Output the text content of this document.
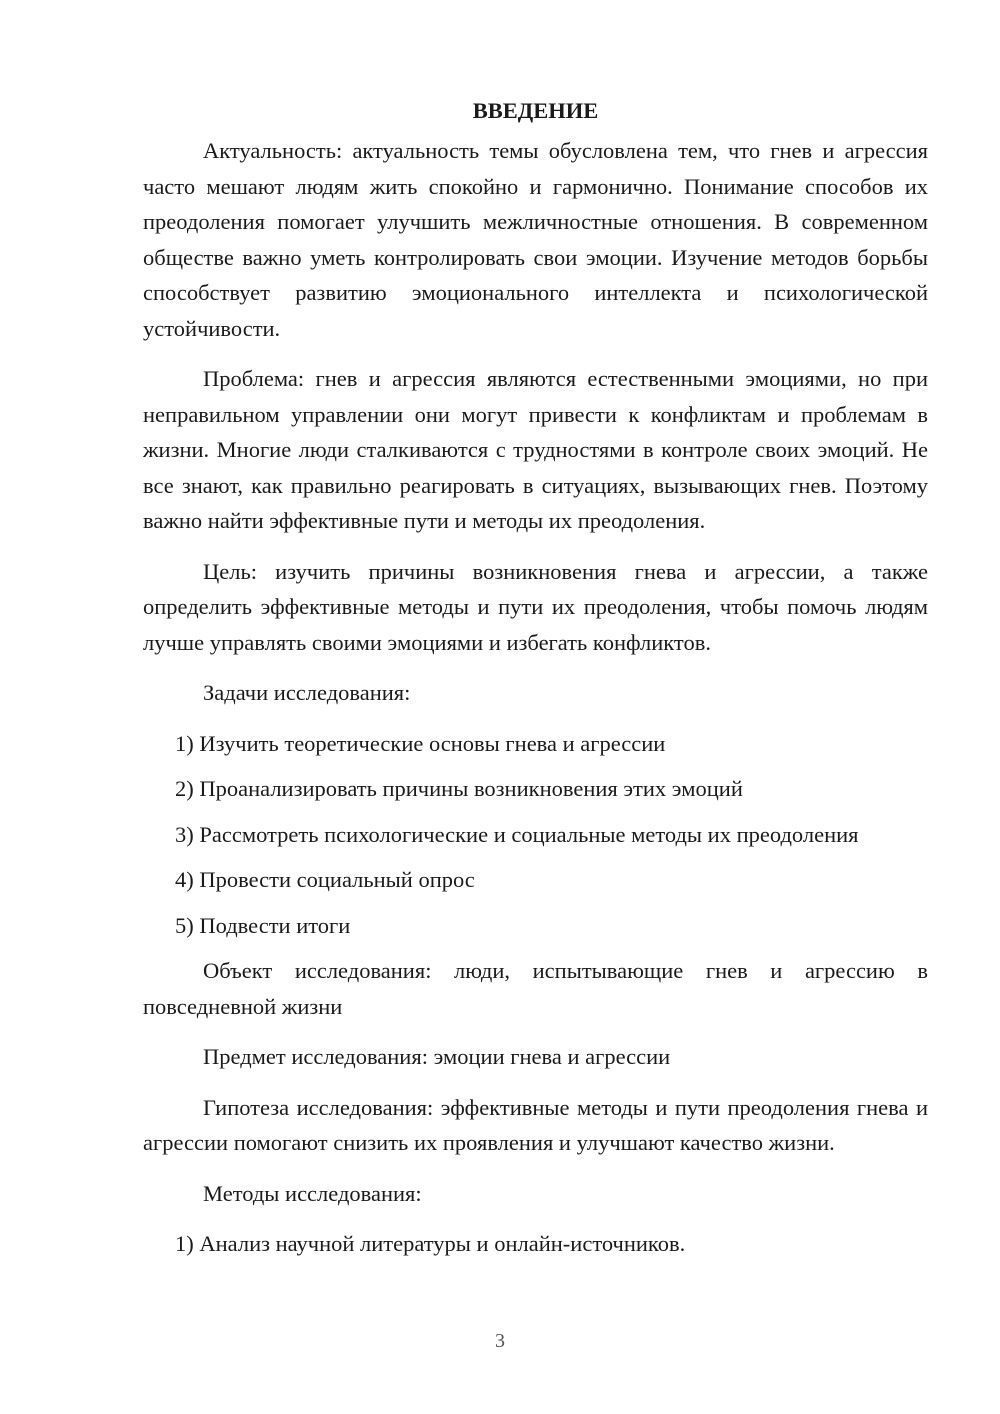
ВВЕДЕНИЕ

Актуальность: актуальность темы обусловлена тем, что гнев и агрессия часто мешают людям жить спокойно и гармонично. Понимание способов их преодоления помогает улучшить межличностные отношения. В современном обществе важно уметь контролировать свои эмоции. Изучение методов борьбы способствует развитию эмоционального интеллекта и психологической устойчивости.

Проблема: гнев и агрессия являются естественными эмоциями, но при неправильном управлении они могут привести к конфликтам и проблемам в жизни. Многие люди сталкиваются с трудностями в контроле своих эмоций. Не все знают, как правильно реагировать в ситуациях, вызывающих гнев. Поэтому важно найти эффективные пути и методы их преодоления.

Цель: изучить причины возникновения гнева и агрессии, а также определить эффективные методы и пути их преодоления, чтобы помочь людям лучше управлять своими эмоциями и избегать конфликтов.

Задачи исследования:

1) Изучить теоретические основы гнева и агрессии
2) Проанализировать причины возникновения этих эмоций
3) Рассмотреть психологические и социальные методы их преодоления
4) Провести социальный опрос
5) Подвести итоги

Объект исследования: люди, испытывающие гнев и агрессию в повседневной жизни

Предмет исследования: эмоции гнева и агрессии

Гипотеза исследования: эффективные методы и пути преодоления гнева и агрессии помогают снизить их проявления и улучшают качество жизни.

Методы исследования:

1) Анализ научной литературы и онлайн-источников.
3
